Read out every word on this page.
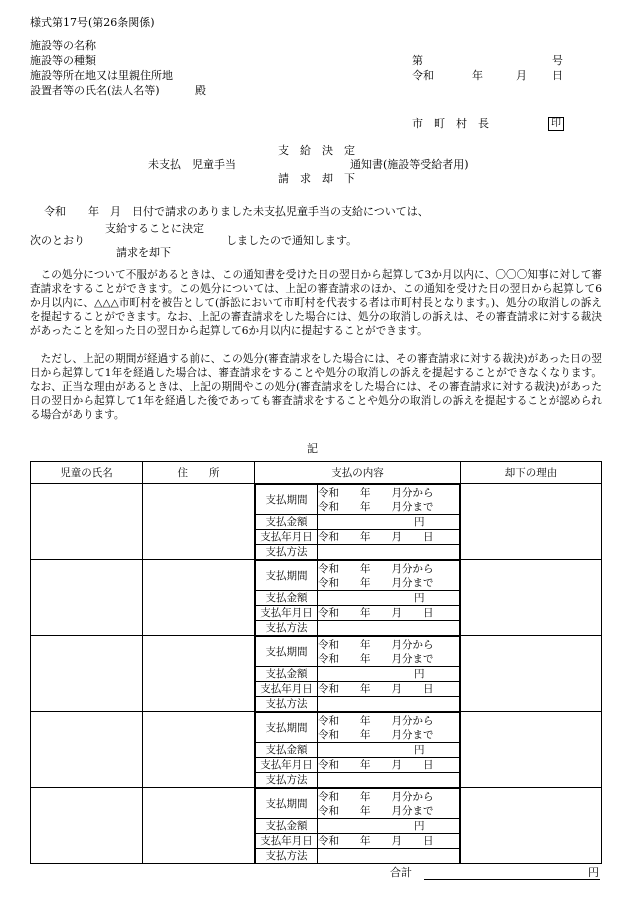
様式第17号(第26条関係)
施設等の名称
施設等の種類
施設等所在地又は里親住所地
設置者等の氏名(法人名等)	殿
第	号
令和	年	月 日
市　町　村　長	印
支　給　決　定
未支払　児童手当	通知書(施設等受給者用)
請　求　却　下
令和　　年　月　日付で請求のありました未支払児童手当の支給については、
支給することに決定
次のとおり	しましたので通知します。
請求を却下
この処分について不服があるときは、この通知書を受けた日の翌日から起算して3か月以内に、〇〇〇知事に対して審査請求をすることができます。この処分については、上記の審査請求のほか、この通知を受けた日の翌日から起算して6か月以内に、△△△市町村を被告として(訴訟において市町村を代表する者は市町村長となります。)、処分の取消しの訴えを提起することができます。なお、上記の審査請求をした場合には、処分の取消しの訴えは、その審査請求に対する裁決があったことを知った日の翌日から起算して6か月以内に提起することができます。
ただし、上記の期間が経過する前に、この処分(審査請求をした場合には、その審査請求に対する裁決)があった日の翌日から起算して1年を経過した場合は、審査請求をすることや処分の取消しの訴えを提起することができなくなります。なお、正当な理由があるときは、上記の期間やこの処分(審査請求をした場合には、その審査請求に対する裁決)があった日の翌日から起算して1年を経過した後であっても審査請求をすることや処分の取消しの訴えを提起することが認められる場合があります。
記
児童の氏名	住　　所	支払の内容	却下の理由

支払期間	
令和　　年　　月分から
令和　　年　　月分まで

支払金額	円
支払年月日	令和　　年　　月　　日
支払方法	

支払期間	
令和　　年　　月分から
令和　　年　　月分まで

支払金額	円
支払年月日	令和　　年　　月　　日
支払方法	

支払期間	
令和　　年　　月分から
令和　　年　　月分まで

支払金額	円
支払年月日	令和　　年　　月　　日
支払方法	

支払期間	
令和　　年　　月分から
令和　　年　　月分まで

支払金額	円
支払年月日	令和　　年　　月　　日
支払方法	

支払期間	
令和　　年　　月分から
令和　　年　　月分まで

支払金額	円
支払年月日	令和　　年　　月　　日
支払方法	

合計	円
